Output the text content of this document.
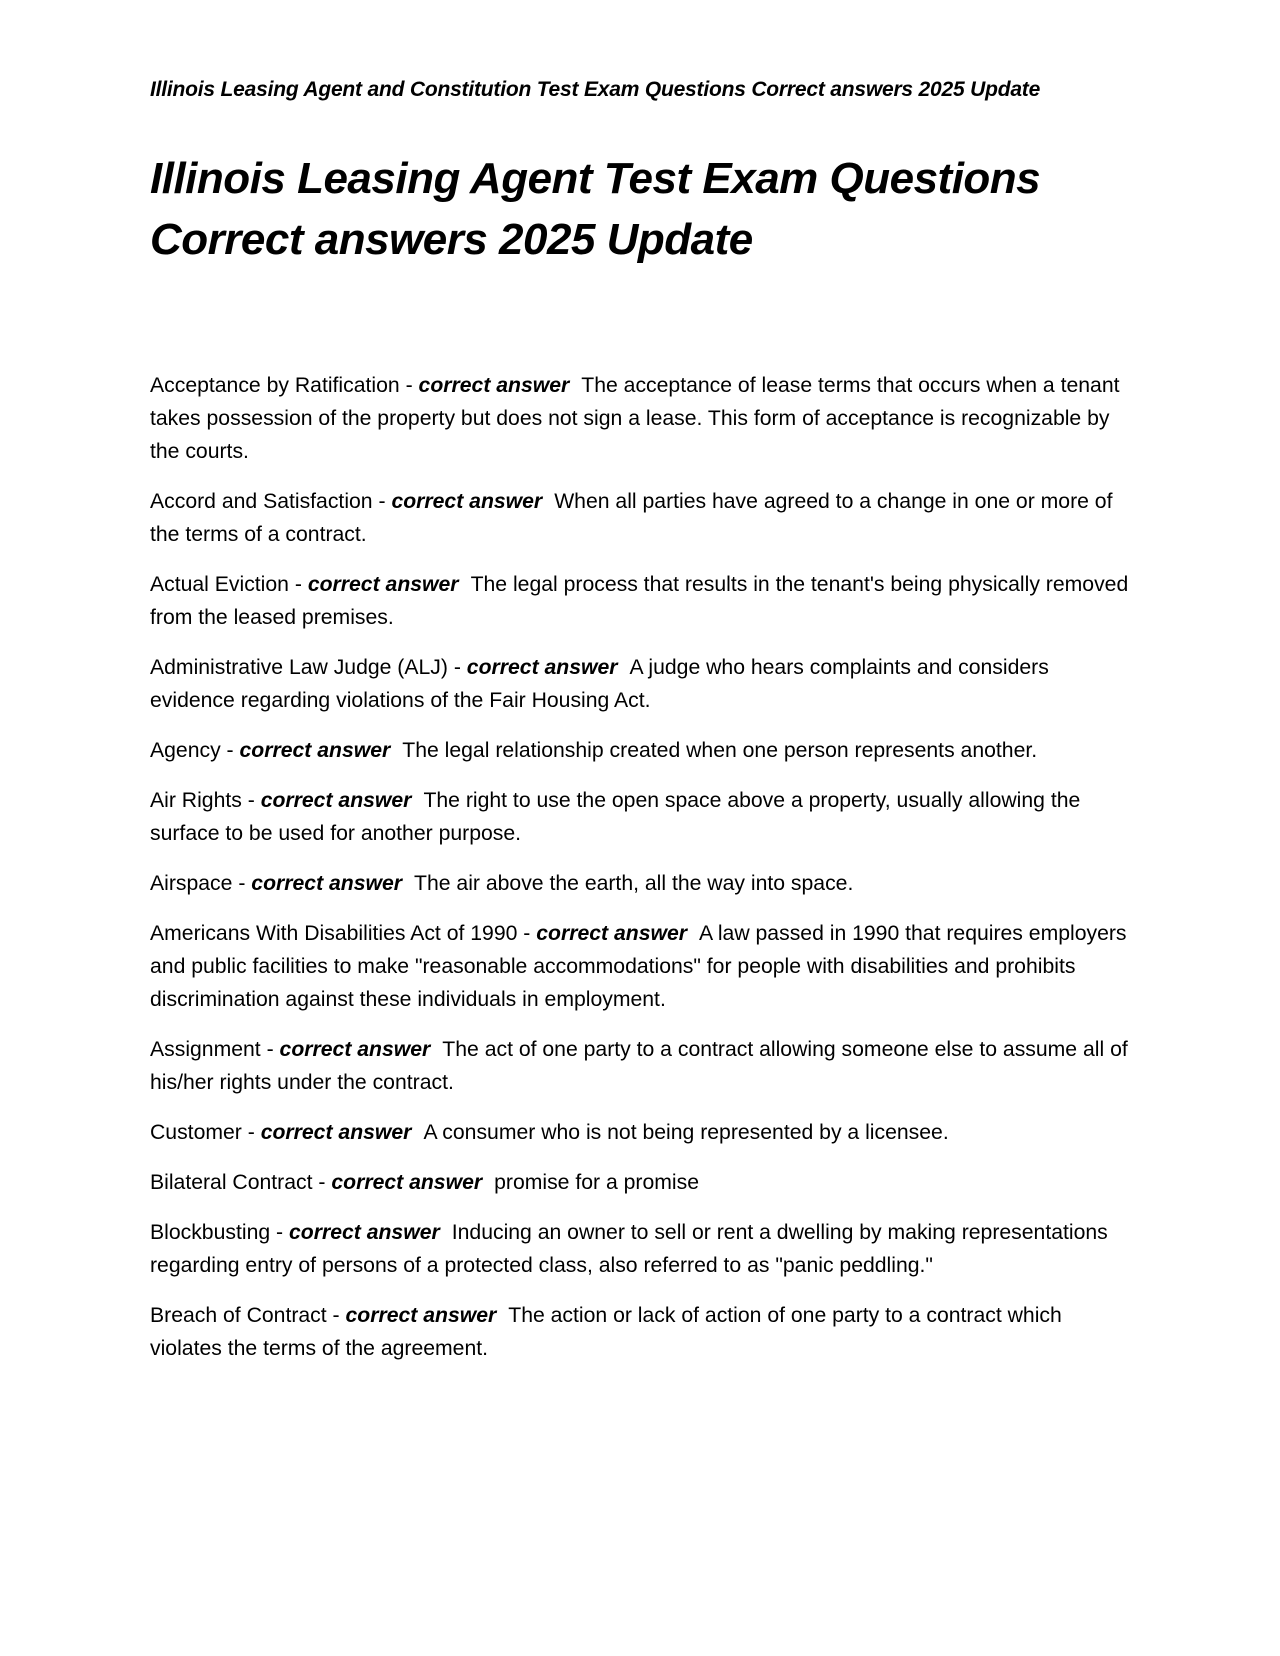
Illinois Leasing Agent and Constitution Test Exam Questions Correct answers 2025 Update

Illinois Leasing Agent Test Exam Questions Correct answers 2025 Update
Acceptance by Ratification - correct answer The acceptance of lease terms that occurs when a tenant takes possession of the property but does not sign a lease. This form of acceptance is recognizable by the courts.
Accord and Satisfaction - correct answer When all parties have agreed to a change in one or more of the terms of a contract.
Actual Eviction - correct answer The legal process that results in the tenant's being physically removed from the leased premises.
Administrative Law Judge (ALJ) - correct answer A judge who hears complaints and considers evidence regarding violations of the Fair Housing Act.
Agency - correct answer The legal relationship created when one person represents another.
Air Rights - correct answer The right to use the open space above a property, usually allowing the surface to be used for another purpose.
Airspace - correct answer The air above the earth, all the way into space.
Americans With Disabilities Act of 1990 - correct answer A law passed in 1990 that requires employers and public facilities to make "reasonable accommodations" for people with disabilities and prohibits discrimination against these individuals in employment.
Assignment - correct answer The act of one party to a contract allowing someone else to assume all of his/her rights under the contract.
Customer - correct answer A consumer who is not being represented by a licensee.
Bilateral Contract - correct answer promise for a promise
Blockbusting - correct answer Inducing an owner to sell or rent a dwelling by making representations regarding entry of persons of a protected class, also referred to as "panic peddling."
Breach of Contract - correct answer The action or lack of action of one party to a contract which violates the terms of the agreement.
